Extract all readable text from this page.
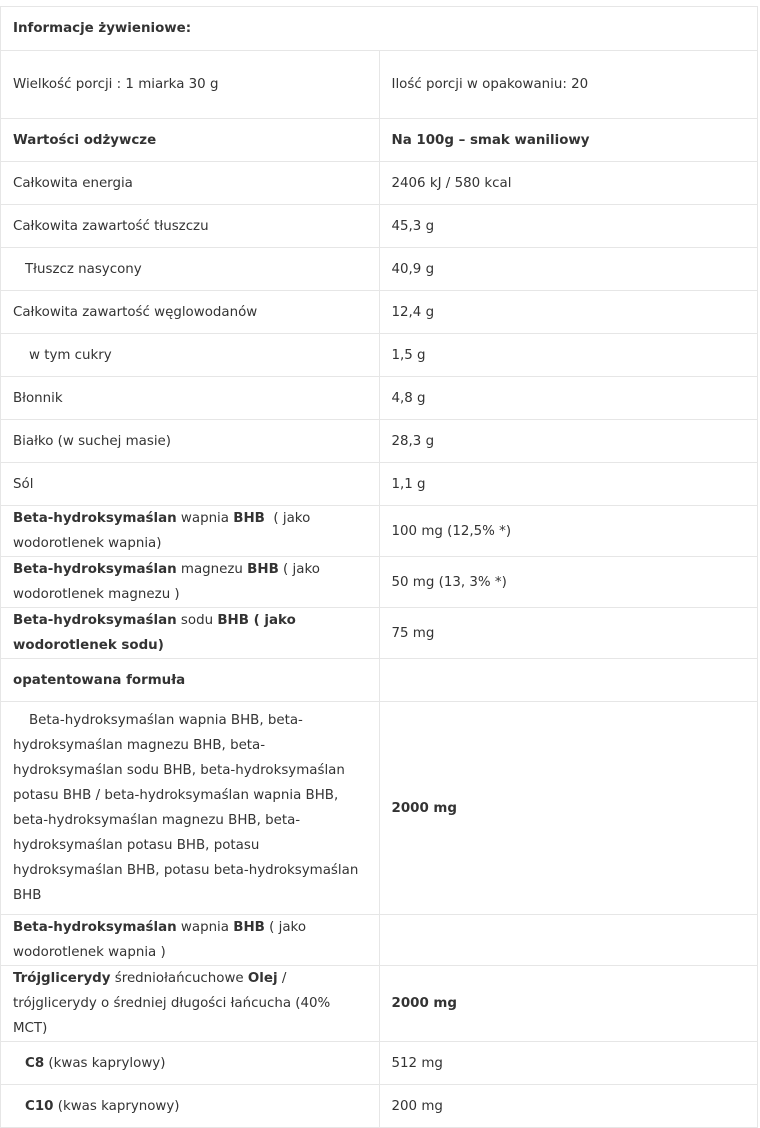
Informacje żywieniowe:	
Wielkość porcji : 1 miarka 30 g	Ilość porcji w opakowaniu: 20
Wartości odżywcze	Na 100g – smak waniliowy
Całkowita energia	2406 kJ / 580 kcal
Całkowita zawartość tłuszczu	45,3 g
Tłuszcz nasycony	40,9 g
Całkowita zawartość węglowodanów	12,4 g
w tym cukry	1,5 g
Błonnik	4,8 g
Białko (w suchej masie)	28,3 g
Sól	1,1 g
Beta-hydroksymaślan wapnia BHB  ( jako wodorotlenek wapnia)	100 mg (12,5% *)
Beta-hydroksymaślan magnezu BHB ( jako wodorotlenek magnezu )	50 mg (13, 3% *)
Beta-hydroksymaślan sodu BHB ( jako wodorotlenek sodu)	75 mg
opatentowana formuła	
Beta-hydroksymaślan wapnia BHB, beta-hydroksymaślan magnezu BHB, beta-hydroksymaślan sodu BHB, beta-hydroksymaślan potasu BHB / beta-hydroksymaślan wapnia BHB, beta-hydroksymaślan magnezu BHB, beta-hydroksymaślan potasu BHB, potasu hydroksymaślan BHB, potasu beta-hydroksymaślan BHB	2000 mg
Beta-hydroksymaślan wapnia BHB ( jako wodorotlenek wapnia )	
Trójglicerydy średniołańcuchowe Olej / trójglicerydy o średniej długości łańcucha (40% MCT)	2000 mg
C8 (kwas kaprylowy)	512 mg
C10 (kwas kaprynowy)	200 mg
